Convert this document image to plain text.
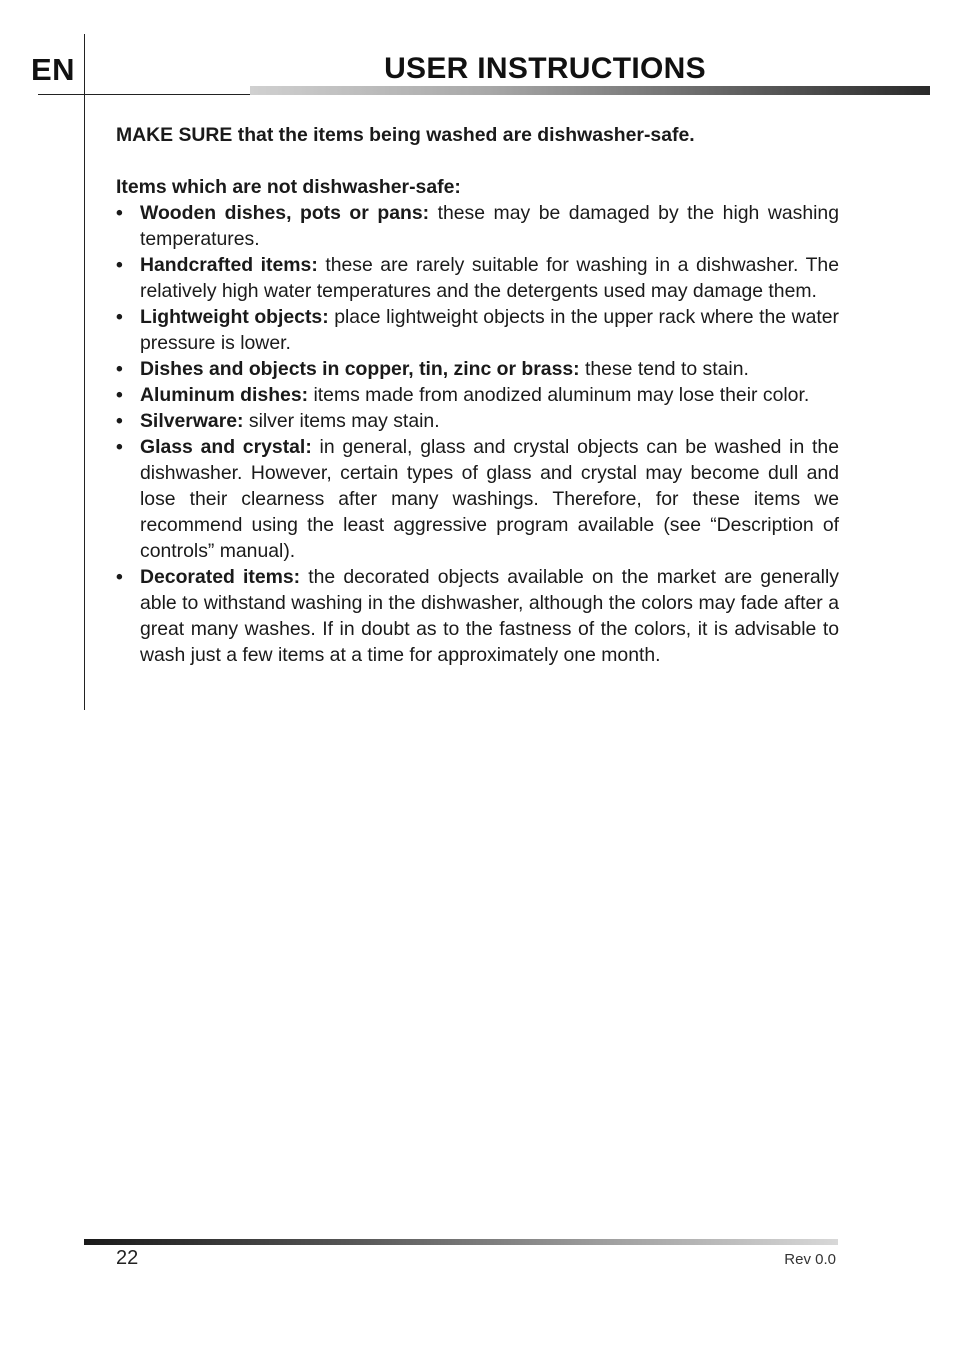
EN	USER INSTRUCTIONS

MAKE SURE that the items being washed are dishwasher-safe.

Items which are not dishwasher-safe:

• Wooden dishes, pots or pans: these may be damaged by the high washing temperatures.
• Handcrafted items: these are rarely suitable for washing in a dishwasher. The relatively high water temperatures and the detergents used may damage them.
• Lightweight objects: place lightweight objects in the upper rack where the water pressure is lower.
• Dishes and objects in copper, tin, zinc or brass: these tend to stain.
• Aluminum dishes: items made from anodized aluminum may lose their color.
• Silverware: silver items may stain.
• Glass and crystal: in general, glass and crystal objects can be washed in the dishwasher. However, certain types of glass and crystal may become dull and lose their clearness after many washings. Therefore, for these items we recommend using the least aggressive program available (see “Description of controls” manual).
• Decorated items: the decorated objects available on the market are generally able to withstand washing in the dishwasher, although the colors may fade after a great many washes. If in doubt as to the fastness of the colors, it is advisable to wash just a few items at a time for approximately one month.
22	Rev 0.0
